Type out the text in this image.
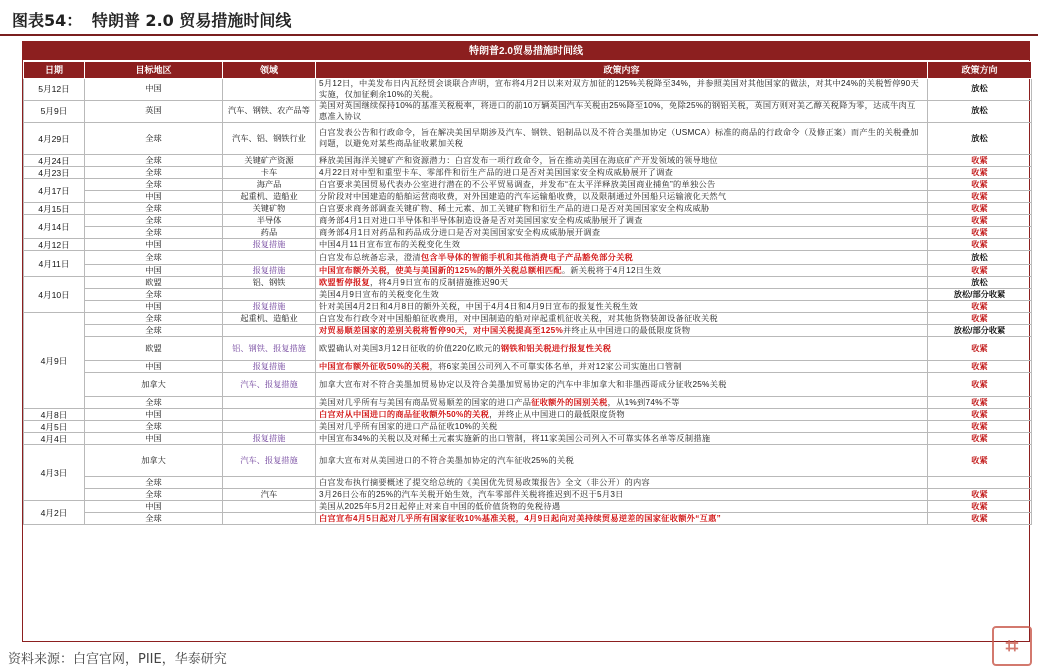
图表54： 特朗普 2.0 贸易措施时间线
特朗普2.0贸易措施时间线
日期	目标地区	领域	政策内容	政策方向
5月12日	中国		5月12日，中美发布日内瓦经贸会谈联合声明，宣布将4月2日以来对双方加征的125%关税降至34%，并参照美国对其他国家的做法，对其中24%的关税暂停90天实施，仅加征剩余10%的关税。	放松
5月9日	英国	汽车、钢铁、农产品等	美国对英国继续保持10%的基准关税税率，将进口的前10万辆英国汽车关税由25%降至10%，免除25%的钢铝关税，英国方则对美乙醇关税降为零，达成牛肉互惠准入协议	放松
4月29日	全球	汽车、铝、钢铁行业	白宫发表公告和行政命令，旨在解决美国早期涉及汽车、钢铁、铝制品以及不符合美墨加协定（USMCA）标准的商品的行政命令（及修正案）而产生的关税叠加问题，以避免对某些商品征收累加关税	放松
4月24日	全球	关键矿产资源	释放美国海洋关键矿产和资源潜力：白宫发布一项行政命令，旨在推动美国在海底矿产开发领域的领导地位	收紧
4月23日	全球	卡车	4月22日对中型和重型卡车、零部件和衍生产品的进口是否对美国国家安全构成威胁展开了调查	收紧
4月17日	全球	海产品	白宫要求美国贸易代表办公室进行潜在的不公平贸易调查，并发布“在太平洋释放美国商业捕鱼”的单独公告	收紧
	中国	起重机、造船业	分阶段对中国建造的船舶运营商收费，对外国建造的汽车运输船收费，以及限制通过外国船只运输液化天然气	收紧
4月15日	全球	关键矿物	白宫要求商务部调查关键矿物、稀土元素、加工关键矿物和衍生产品的进口是否对美国国家安全构成威胁	收紧
4月14日	全球	半导体	商务部4月1日对进口半导体和半导体制造设备是否对美国国家安全构成威胁展开了调查	收紧
	全球	药品	商务部4月1日对药品和药品成分进口是否对美国国家安全构成威胁展开调查	收紧
4月12日	中国	报复措施	中国4月11日宣布宣布的关税变化生效	收紧
4月11日	全球		白宫发布总统备忘录，澄清包含半导体的智能手机和其他消费电子产品豁免部分关税	放松
	中国	报复措施	中国宣布额外关税，使美与美国新的125%的额外关税总额相匹配。新关税将于4月12日生效	收紧
4月10日	欧盟	铝、钢铁	欧盟暂停报复，将4月9日宣布的反制措施推迟90天	放松
	全球		美国4月9日宣布的关税变化生效	放松/部分收紧
	中国	报复措施	针对美国4月2日和4月8日的额外关税，中国于4月4日和4月9日宣布的报复性关税生效	收紧
4月9日	全球	起重机、造船业	白宫发布行政令对中国船舶征收费用，对中国制造的船对岸起重机征收关税，对其他货物装卸设备征收关税	收紧
	全球		对贸易顺差国家的差别关税将暂停90天，对中国关税提高至125%并终止从中国进口的最低限度货物	放松/部分收紧
	欧盟	铝、钢铁、报复措施	欧盟确认对美国3月12日征收的价值220亿欧元的钢铁和铝关税进行报复性关税	收紧
	中国	报复措施	中国宣布额外征收50%的关税，将6家美国公司列入不可靠实体名单，并对12家公司实施出口管制	收紧
	加拿大	汽车、报复措施	加拿大宣布对不符合美墨加贸易协定以及符合美墨加贸易协定的汽车中非加拿大和非墨西哥成分征收25%关税	收紧
	全球		美国对几乎所有与美国有商品贸易顺差的国家的进口产品征收额外的国别关税，从1%到74%不等	收紧
4月8日	中国		白宫对从中国进口的商品征收额外50%的关税，并终止从中国进口的最低限度货物	收紧
4月5日	全球		美国对几乎所有国家的进口产品征收10%的关税	收紧
4月4日	中国	报复措施	中国宣布34%的关税以及对稀土元素实施新的出口管制，将11家美国公司列入不可靠实体名单等反制措施	收紧
4月3日	加拿大	汽车、报复措施	加拿大宣布对从美国进口的不符合美墨加协定的汽车征收25%的关税	收紧
	全球		白宫发布执行摘要概述了提交给总统的《美国优先贸易政策报告》全文（非公开）的内容	
	全球	汽车	3月26日公布的25%的汽车关税开始生效，汽车零部件关税将推迟到不迟于5月3日	收紧
4月2日	中国		美国从2025年5月2日起停止对来自中国的低价值货物的免税待遇	收紧
	全球		白宫宣布4月5日起对几乎所有国家征收10%基准关税，4月9日起向对美持续贸易逆差的国家征收额外“互惠”	收紧
资料来源：白宫官网，PIIE，华泰研究
⌗
